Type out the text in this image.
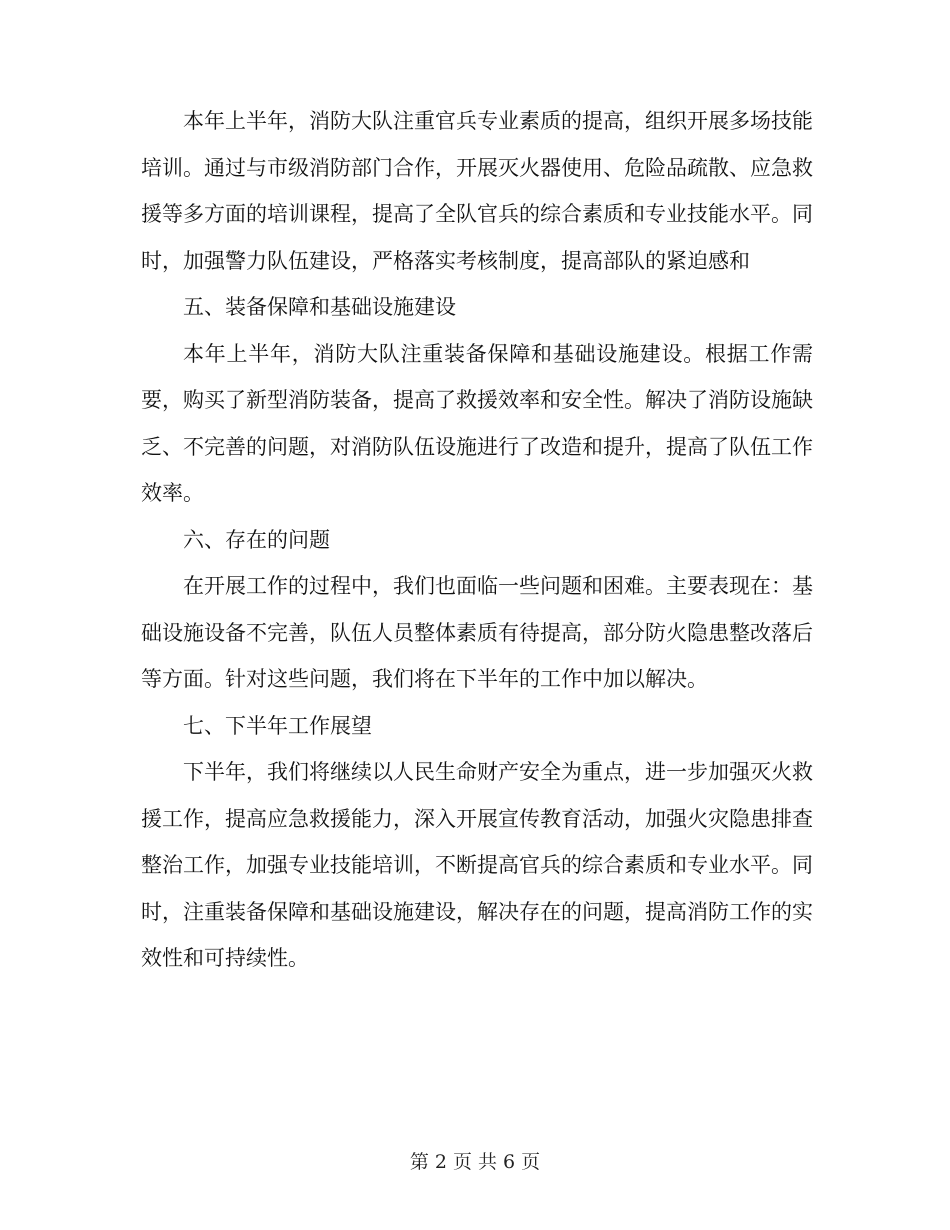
本年上半年，消防大队注重官兵专业素质的提高，组织开展多场技能培训。通过与市级消防部门合作，开展灭火器使用、危险品疏散、应急救援等多方面的培训课程，提高了全队官兵的综合素质和专业技能水平。同时，加强警力队伍建设，严格落实考核制度，提高部队的紧迫感和

五、装备保障和基础设施建设

本年上半年，消防大队注重装备保障和基础设施建设。根据工作需要，购买了新型消防装备，提高了救援效率和安全性。解决了消防设施缺乏、不完善的问题，对消防队伍设施进行了改造和提升，提高了队伍工作效率。

六、存在的问题

在开展工作的过程中，我们也面临一些问题和困难。主要表现在：基础设施设备不完善，队伍人员整体素质有待提高，部分防火隐患整改落后等方面。针对这些问题，我们将在下半年的工作中加以解决。

七、下半年工作展望

下半年，我们将继续以人民生命财产安全为重点，进一步加强灭火救援工作，提高应急救援能力，深入开展宣传教育活动，加强火灾隐患排查整治工作，加强专业技能培训，不断提高官兵的综合素质和专业水平。同时，注重装备保障和基础设施建设，解决存在的问题，提高消防工作的实效性和可持续性。

第 2 页 共 6 页
